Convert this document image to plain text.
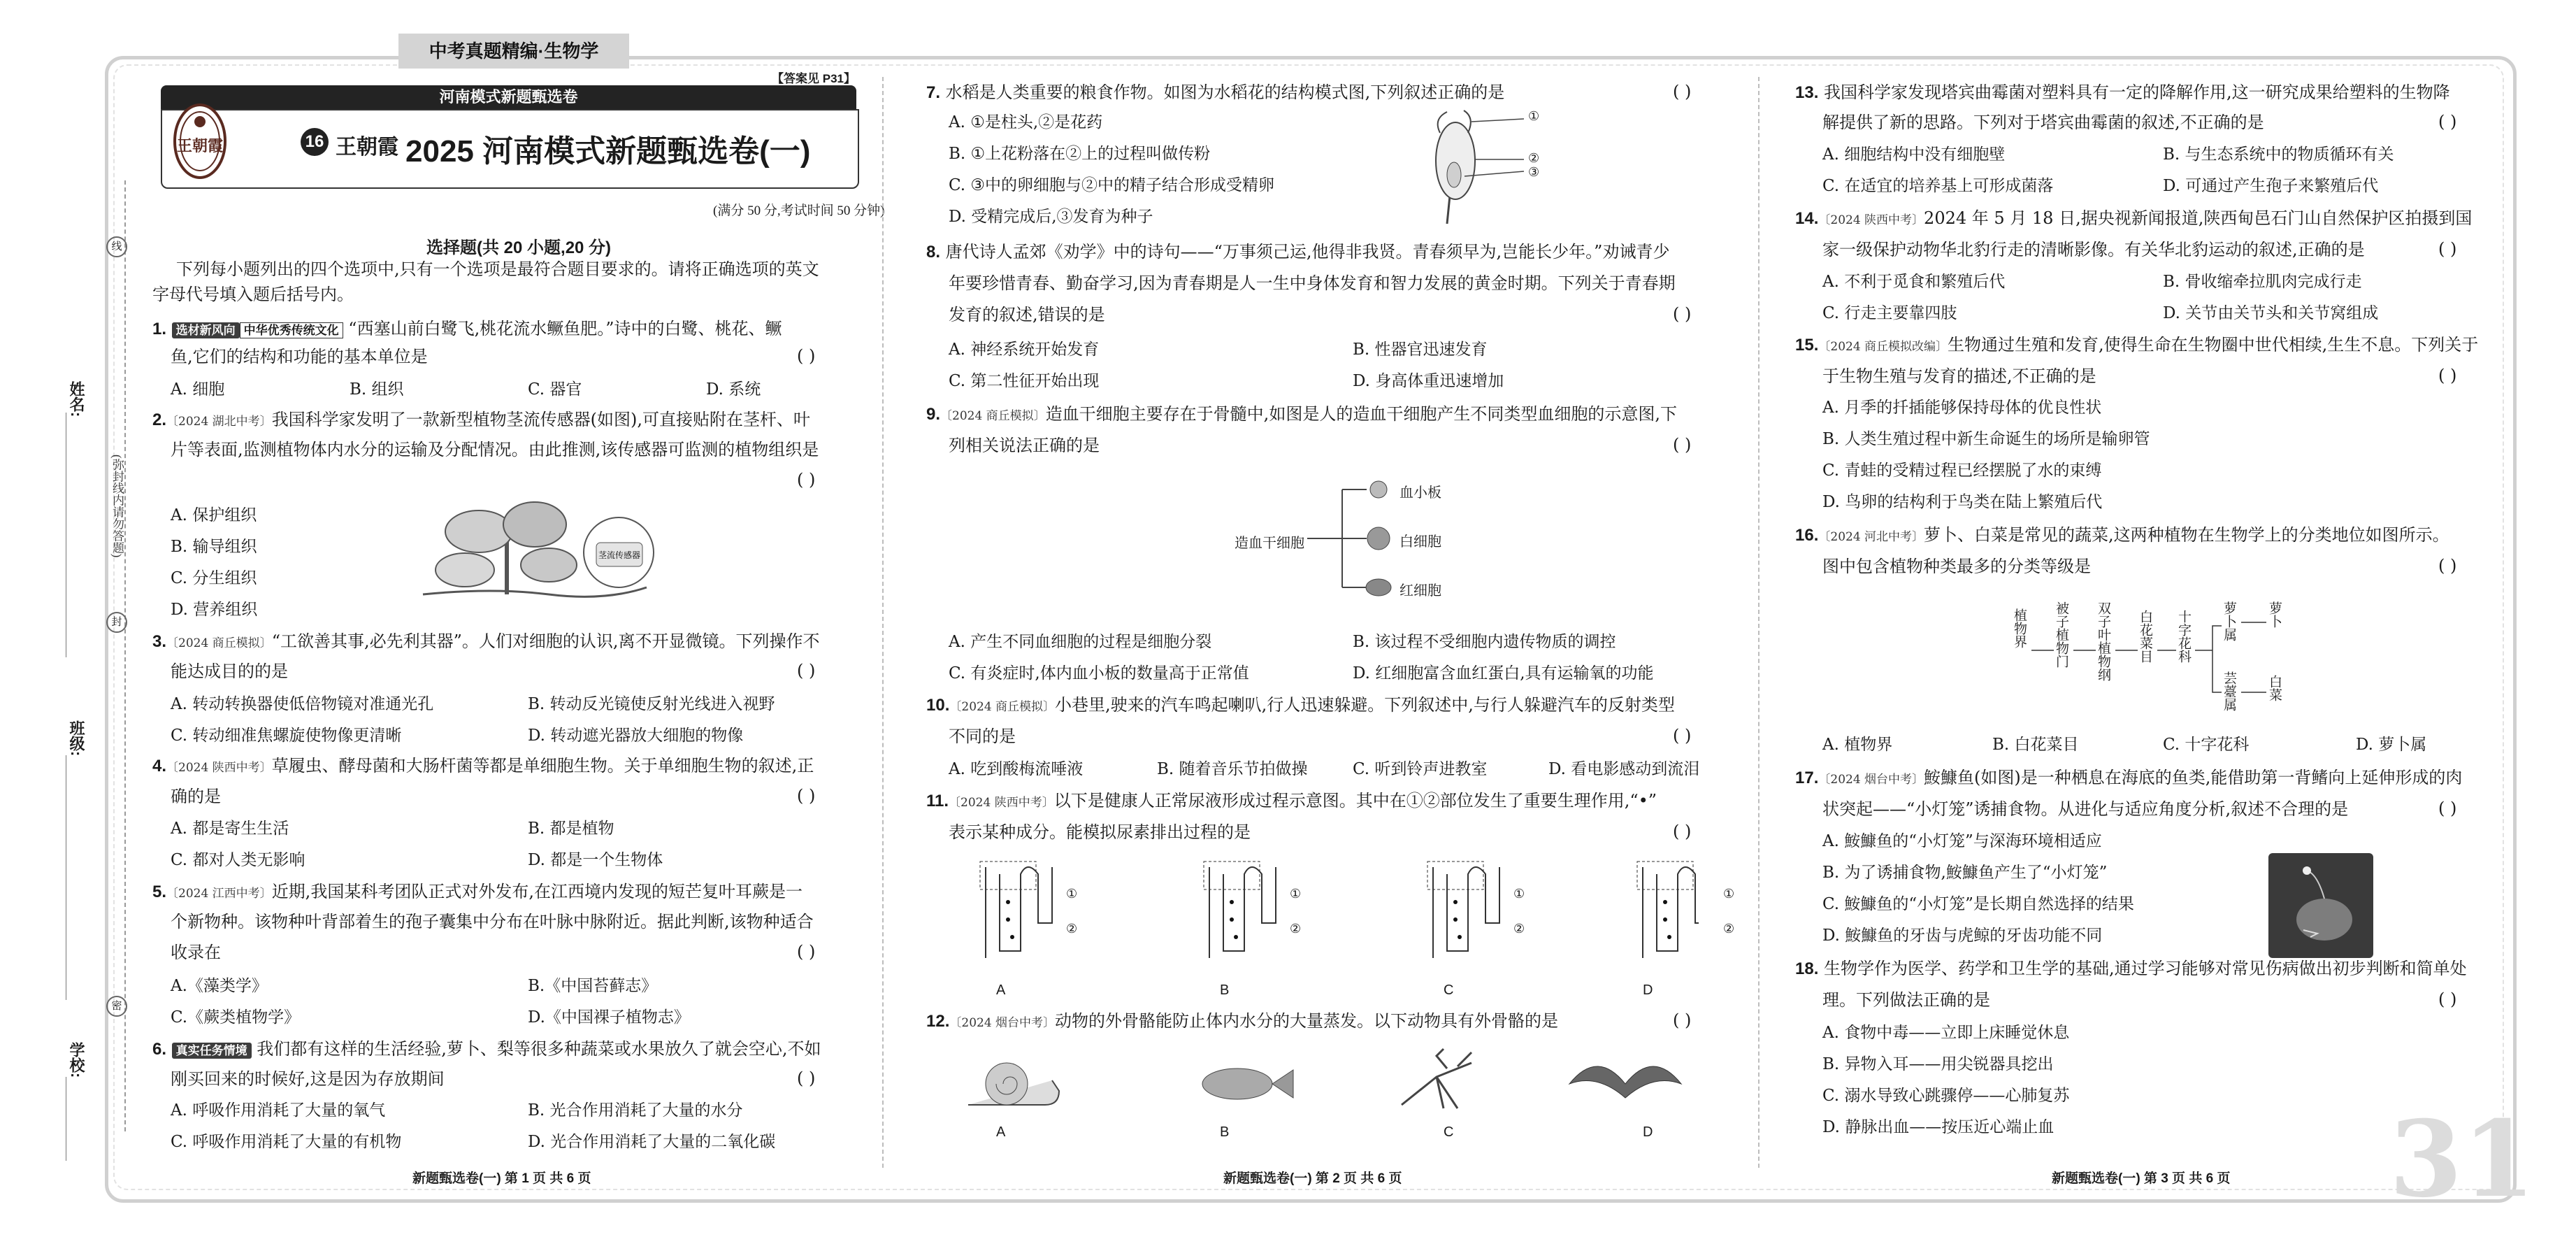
中考真题精编·生物学
【答案见 P31】
河南模式新题甄选卷
王朝霞	16 王朝霞 2025 河南模式新题甄选卷(一)
(满分 50 分,考试时间 50 分钟)
选择题(共 20 小题,20 分)
姓名:
班级:
学校:
(弥封线内请勿答题)
线
封
密
下列每小题列出的四个选项中,只有一个选项是最符合题目要求的。请将正确选项的英文
字母代号填入题后括号内。
1. 选材新风向 中华优秀传统文化 “西塞山前白鹭飞,桃花流水鳜鱼肥。”诗中的白鹭、桃花、鳜
鱼,它们的结构和功能的基本单位是	( )
A. 细胞	B. 组织	C. 器官	D. 系统
2.〔2024 湖北中考〕我国科学家发明了一款新型植物茎流传感器(如图),可直接贴附在茎杆、叶
片等表面,监测植物体内水分的运输及分配情况。由此推测,该传感器可监测的植物组织是
( )
A. 保护组织
B. 输导组织
C. 分生组织
D. 营养组织
茎流传感器
3.〔2024 商丘模拟〕“工欲善其事,必先利其器”。人们对细胞的认识,离不开显微镜。下列操作不
能达成目的的是	( )
A. 转动转换器使低倍物镜对准通光孔	B. 转动反光镜使反射光线进入视野
C. 转动细准焦螺旋使物像更清晰	D. 转动遮光器放大细胞的物像
4.〔2024 陕西中考〕草履虫、酵母菌和大肠杆菌等都是单细胞生物。关于单细胞生物的叙述,正
确的是	( )
A. 都是寄生生活	B. 都是植物
C. 都对人类无影响	D. 都是一个生物体
5.〔2024 江西中考〕近期,我国某科考团队正式对外发布,在江西境内发现的短芒复叶耳蕨是一
个新物种。该物种叶背部着生的孢子囊集中分布在叶脉中脉附近。据此判断,该物种适合
收录在	( )
A.《藻类学》	B.《中国苔藓志》
C.《蕨类植物学》	D.《中国裸子植物志》
6. 真实任务情境 我们都有这样的生活经验,萝卜、梨等很多种蔬菜或水果放久了就会空心,不如
刚买回来的时候好,这是因为存放期间	( )
A. 呼吸作用消耗了大量的氧气	B. 光合作用消耗了大量的水分
C. 呼吸作用消耗了大量的有机物	D. 光合作用消耗了大量的二氧化碳
新题甄选卷(一) 第 1 页 共 6 页
7. 水稻是人类重要的粮食作物。如图为水稻花的结构模式图,下列叙述正确的是	( )
A. ①是柱头,②是花药
B. ①上花粉落在②上的过程叫做传粉
C. ③中的卵细胞与②中的精子结合形成受精卵
D. 受精完成后,③发育为种子
①
②
③
8. 唐代诗人孟郊《劝学》中的诗句——“万事须己运,他得非我贤。青春须早为,岂能长少年。”劝诫青少
年要珍惜青春、勤奋学习,因为青春期是人一生中身体发育和智力发展的黄金时期。下列关于青春期
发育的叙述,错误的是	( )
A. 神经系统开始发育	B. 性器官迅速发育
C. 第二性征开始出现	D. 身高体重迅速增加
9.〔2024 商丘模拟〕造血干细胞主要存在于骨髓中,如图是人的造血干细胞产生不同类型血细胞的示意图,下
列相关说法正确的是	( )
造血干细胞
血小板
白细胞
红细胞
A. 产生不同血细胞的过程是细胞分裂	B. 该过程不受细胞内遗传物质的调控
C. 有炎症时,体内血小板的数量高于正常值	D. 红细胞富含血红蛋白,具有运输氧的功能
10.〔2024 商丘模拟〕小巷里,驶来的汽车鸣起喇叭,行人迅速躲避。下列叙述中,与行人躲避汽车的反射类型
不同的是	( )
A. 吃到酸梅流唾液	B. 随着音乐节拍做操	C. 听到铃声进教室	D. 看电影感动到流泪
11.〔2024 陕西中考〕以下是健康人正常尿液形成过程示意图。其中在①②部位发生了重要生理作用,“•”
表示某种成分。能模拟尿素排出过程的是	( )
①
②
①
②
①
②
①
②
A	B	C	D
12.〔2024 烟台中考〕动物的外骨骼能防止体内水分的大量蒸发。以下动物具有外骨骼的是	( )
A	B	C	D
新题甄选卷(一) 第 2 页 共 6 页
13. 我国科学家发现塔宾曲霉菌对塑料具有一定的降解作用,这一研究成果给塑料的生物降
解提供了新的思路。下列对于塔宾曲霉菌的叙述,不正确的是	( )
A. 细胞结构中没有细胞壁	B. 与生态系统中的物质循环有关
C. 在适宜的培养基上可形成菌落	D. 可通过产生孢子来繁殖后代
14.〔2024 陕西中考〕2024 年 5 月 18 日,据央视新闻报道,陕西甸邑石门山自然保护区拍摄到国
家一级保护动物华北豹行走的清晰影像。有关华北豹运动的叙述,正确的是	( )
A. 不利于觅食和繁殖后代	B. 骨收缩牵拉肌肉完成行走
C. 行走主要靠四肢	D. 关节由关节头和关节窝组成
15.〔2024 商丘模拟改编〕生物通过生殖和发育,使得生命在生物圈中世代相续,生生不息。下列关于
于生物生殖与发育的描述,不正确的是	( )
A. 月季的扦插能够保持母体的优良性状
B. 人类生殖过程中新生命诞生的场所是输卵管
C. 青蛙的受精过程已经摆脱了水的束缚
D. 鸟卵的结构利于鸟类在陆上繁殖后代
16.〔2024 河北中考〕萝卜、白菜是常见的蔬菜,这两种植物在生物学上的分类地位如图所示。
图中包含植物种类最多的分类等级是	( )
植物界 被子植物门 双子叶植物纲 白花菜目 十字花科 萝卜属
芸薹属
萝卜
白菜
A. 植物界	B. 白花菜目	C. 十字花科	D. 萝卜属
17.〔2024 烟台中考〕鮟鱇鱼(如图)是一种栖息在海底的鱼类,能借助第一背鳍向上延伸形成的肉
状突起——“小灯笼”诱捕食物。从进化与适应角度分析,叙述不合理的是	( )
A. 鮟鱇鱼的“小灯笼”与深海环境相适应
B. 为了诱捕食物,鮟鱇鱼产生了“小灯笼”
C. 鮟鱇鱼的“小灯笼”是长期自然选择的结果
D. 鮟鱇鱼的牙齿与虎鲸的牙齿功能不同
18. 生物学作为医学、药学和卫生学的基础,通过学习能够对常见伤病做出初步判断和简单处
理。下列做法正确的是	( )
A. 食物中毒——立即上床睡觉休息
B. 异物入耳——用尖锐器具挖出
C. 溺水导致心跳骤停——心肺复苏
D. 静脉出血——按压近心端止血	31
新题甄选卷(一) 第 3 页 共 6 页
